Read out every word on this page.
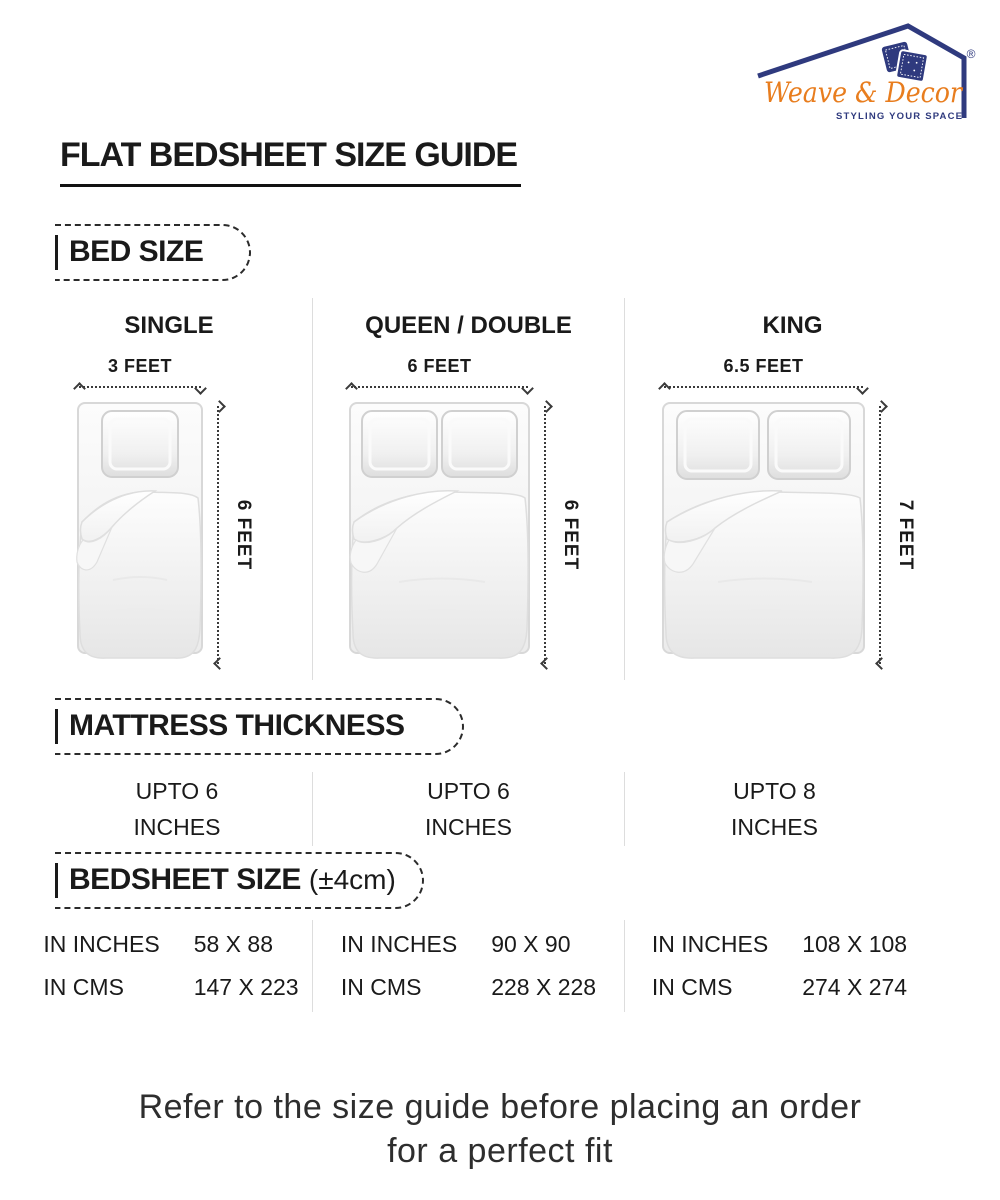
®
Weave & Decor
STYLING YOUR SPACE
FLAT BEDSHEET SIZE GUIDE
BED SIZE
SINGLE
3 FEET
6 FEET
QUEEN / DOUBLE
6 FEET
6 FEET
KING
6.5 FEET
7 FEET
MATTRESS THICKNESS
UPTO 6
INCHES
UPTO 6
INCHES
UPTO 8
INCHES
BEDSHEET SIZE (±4cm)
IN INCHES 58 X 88
IN CMS	147 X 223
IN INCHES 90 X 90
IN CMS	228 X 228
IN INCHES 108 X 108
IN CMS	274 X 274
Refer to the size guide before placing an order
for a perfect fit
